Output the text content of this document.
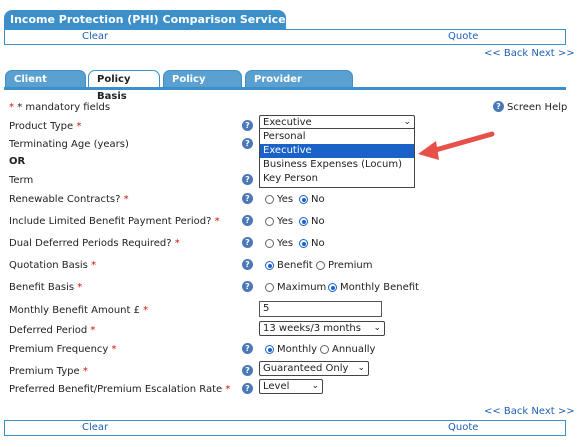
Income Protection (PHI) Comparison Service
Clear	Quote
<< Back Next >>
Client Details
Policy Basis
Policy Details
Provider Selection
* * mandatory fields	? Screen Help
Product Type *	?	Executive	⌄
Personal
Executive
Business Expenses (Locum)
Key Person
Terminating Age (years)	?
OR
Term	?
Renewable Contracts? *	?	Yes No
Include Limited Benefit Payment Period? *	?	Yes No
Dual Deferred Periods Required? *	?	Yes No
Quotation Basis *	?	Benefit Premium
Benefit Basis *	?	Maximum Monthly Benefit
Monthly Benefit Amount £ *	5
Deferred Period *	13 weeks/3 months ⌄
Premium Frequency *	?	Monthly Annually
Premium Type *	?	Guaranteed Only ⌄
Preferred Benefit/Premium Escalation Rate *	?	Level ⌄
<< Back Next >>
Clear	Quote
